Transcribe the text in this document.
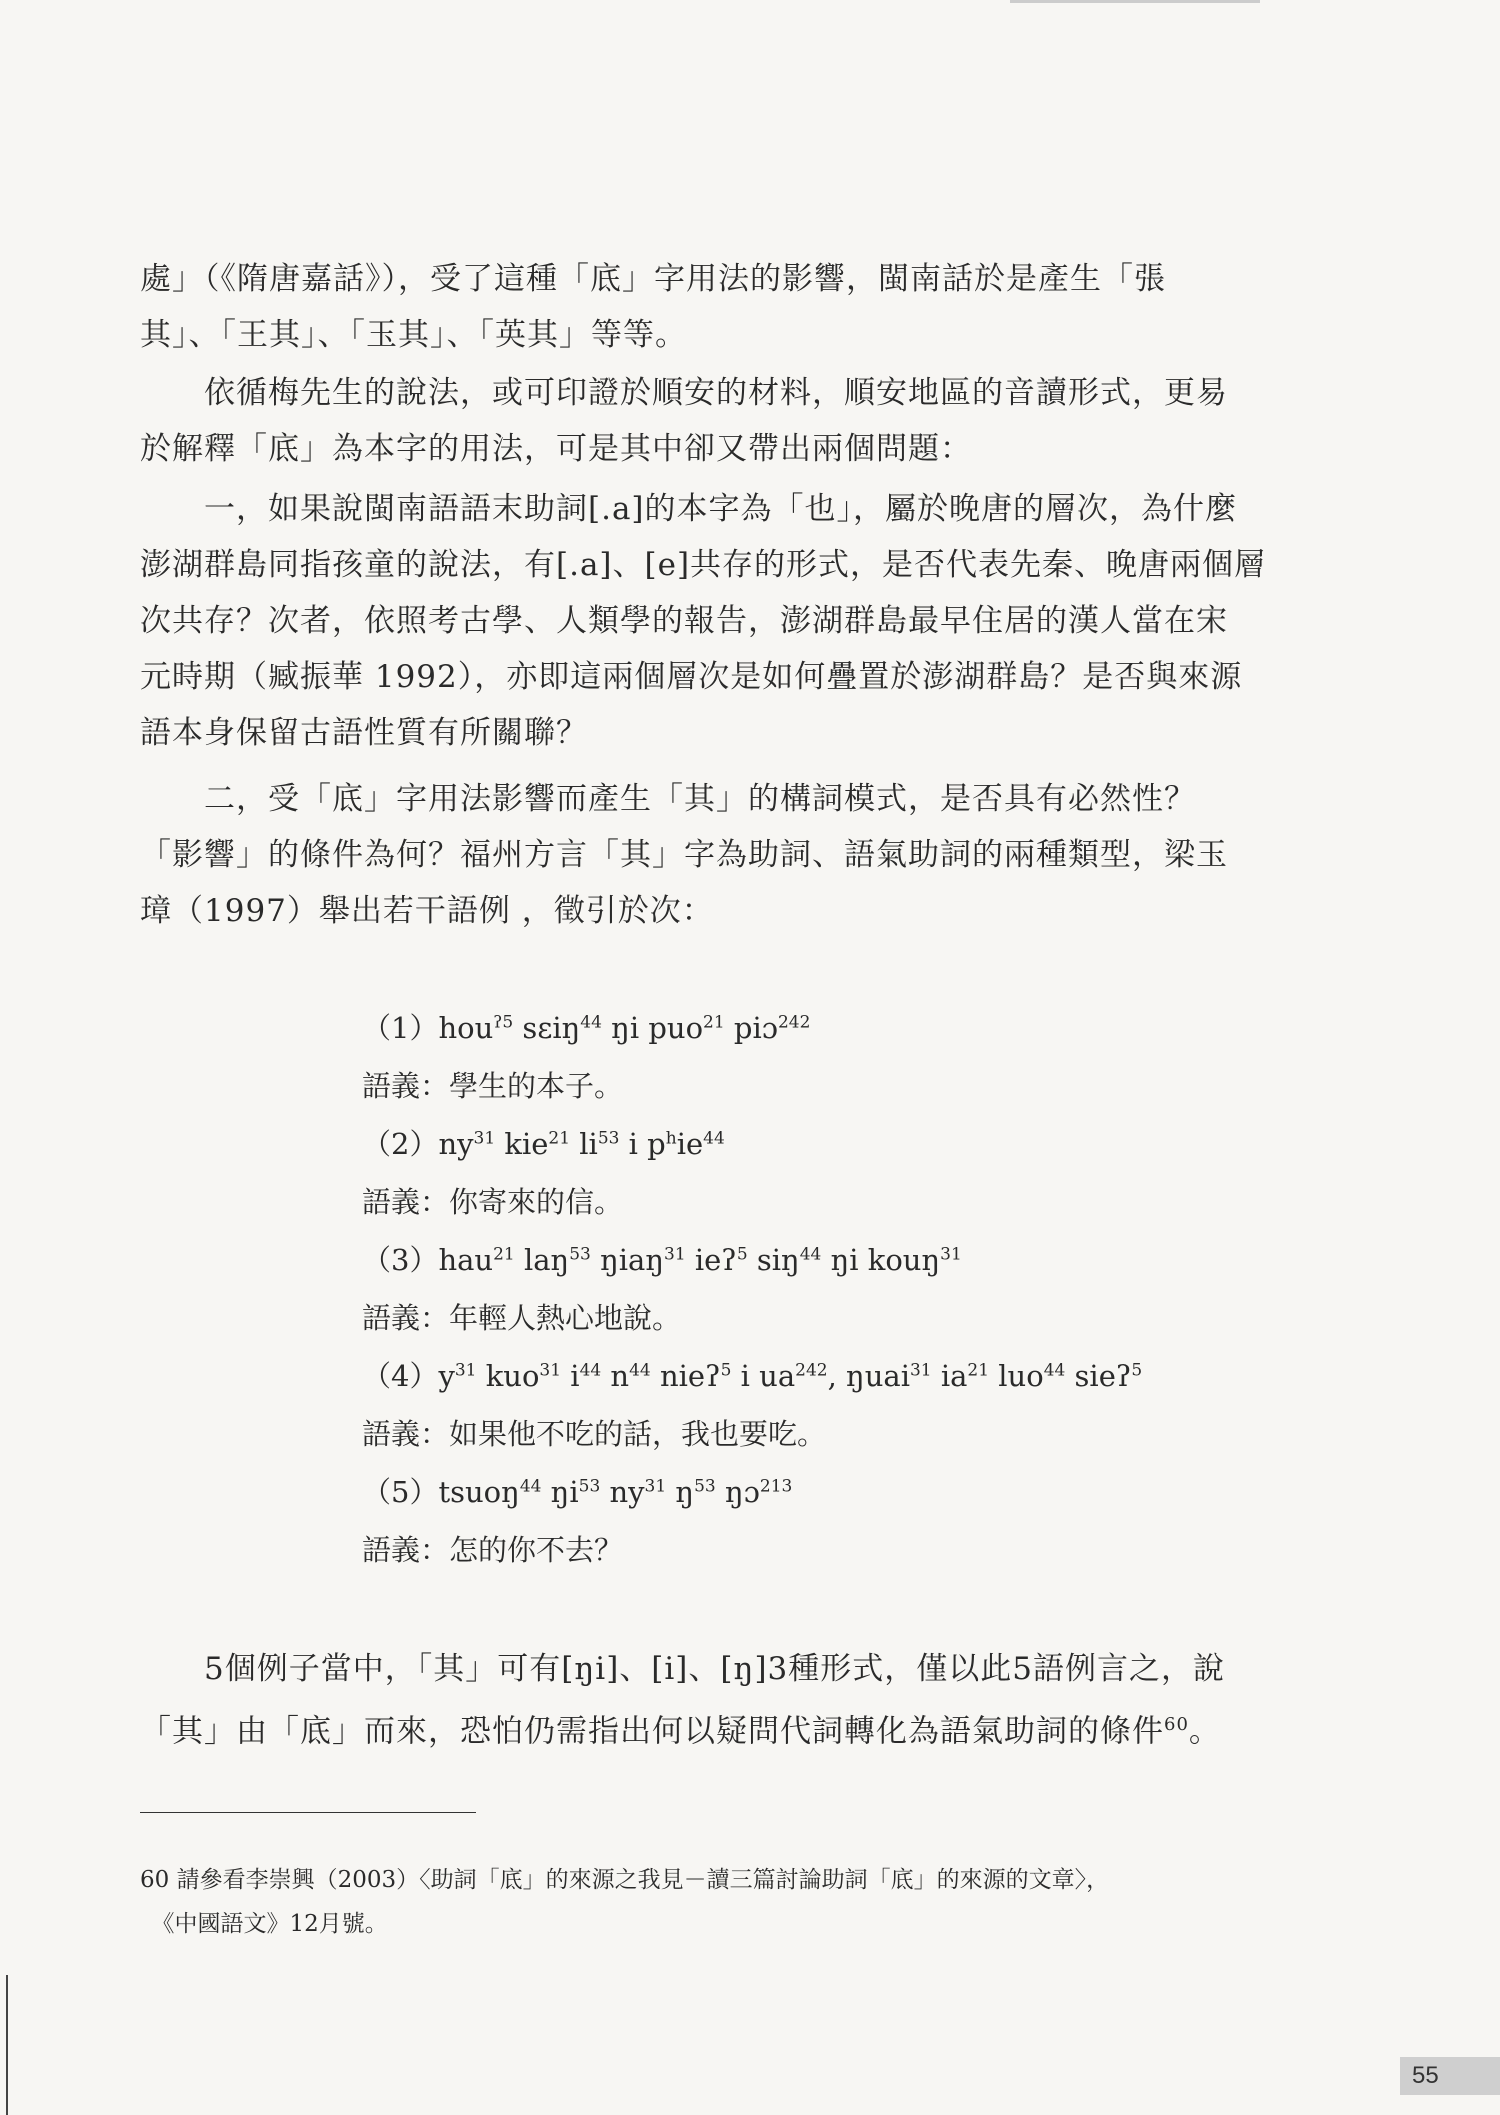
處」（《隋唐嘉話》），受了這種「底」字用法的影響，閩南話於是產生「張
其」、「王其」、「玉其」、「英其」等等。
　　依循梅先生的說法，或可印證於順安的材料，順安地區的音讀形式，更易
於解釋「底」為本字的用法，可是其中卻又帶出兩個問題：
　　一，如果說閩南語語末助詞[.a]的本字為「也」，屬於晚唐的層次，為什麼
澎湖群島同指孩童的說法，有[.a]、[e]共存的形式，是否代表先秦、晚唐兩個層
次共存？次者，依照考古學、人類學的報告，澎湖群島最早住居的漢人當在宋
元時期（臧振華 1992），亦即這兩個層次是如何疊置於澎湖群島？是否與來源
語本身保留古語性質有所關聯？
　　二，受「底」字用法影響而產生「其」的構詞模式，是否具有必然性？
「影響」的條件為何？福州方言「其」字為助詞、語氣助詞的兩種類型，梁玉
璋（1997）舉出若干語例 ，徵引於次：
（1）hou$^{ʔ5}$ sɛiŋ$^{44}$ ŋi puo$^{21}$ piɔ$^{242}$
語義：學生的本子。
$(2)ny^{31}$ kie$^{21}$ $li^{53}$ i $p^hie^{44}$
語義：你寄來的信。
（3）hau$^{21}$ laŋ$^{53}$ ŋiaŋ$^{31}$ ieʔ$^5$ siŋ$^{44}$ ŋi kouŋ$^{31}$
語義：年輕人熱心地說。
$(4)y^{31}$ kuo$^{31}$ $i^{44}$ $n^{44}$ nieʔ$^5$ i $ua^{242}$, ŋuai$^{31}$ $ia^{21}$ luo$^{44}$ sieʔ$^5$
語義：如果他不吃的話，我也要吃。
（5）tsuoŋ$^{44}$ $ŋi^{53}$ $ny^{31}$ $ŋ^{53}$ ŋɔ$^{213}$
語義：怎的你不去？
　　5個例子當中，「其」可有[ŋi]、[i]、[ŋ]3種形式，僅以此5語例言之，說
「其」由「底」而來，恐怕仍需指出何以疑問代詞轉化為語氣助詞的條件$^{60}$。
60 請參看李崇興（2003）〈助詞「底」的來源之我見－讀三篇討論助詞「底」的來源的文章〉，
　《中國語文》12月號。
55
